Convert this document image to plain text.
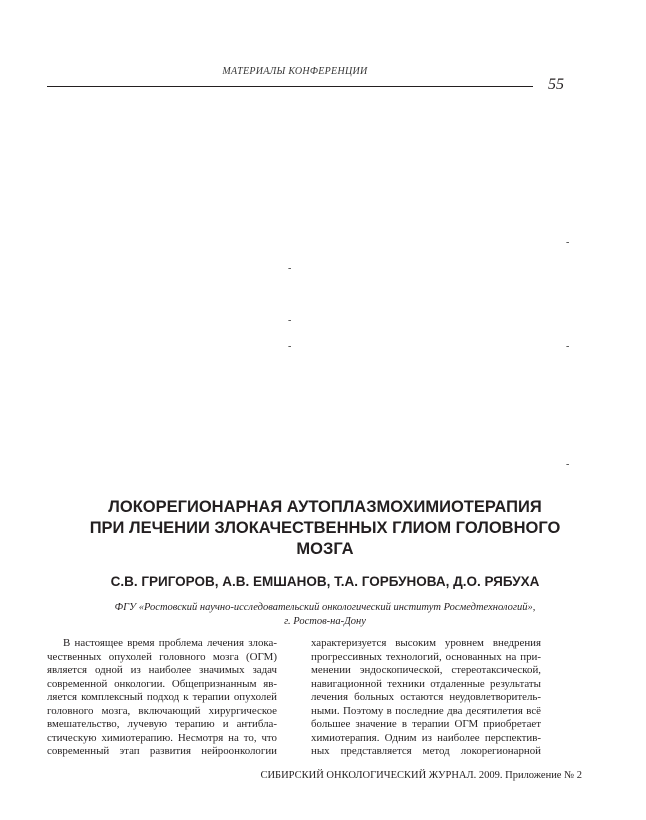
МАТЕРИАЛЫ КОНФЕРЕНЦИИ
55
-
-
-
-	-
-
ЛОКОРЕГИОНАРНАЯ АУТОПЛАЗМОХИМИОТЕРАПИЯ
ПРИ ЛЕЧЕНИИ ЗЛОКАЧЕСТВЕННЫХ ГЛИОМ ГОЛОВНОГО
МОЗГА
С.В. ГРИГОРОВ, А.В. ЕМШАНОВ, Т.А. ГОРБУНОВА, Д.О. РЯБУХА
ФГУ «Ростовский научно-исследовательский онкологический институт Росмедтехнологий»,
г. Ростов-на-Дону
В настоящее время проблема лечения злока-
чественных опухолей головного мозга (ОГМ)
является одной из наиболее значимых задач
современной онкологии. Общепризнанным яв-
ляется комплексный подход к терапии опухолей
головного мозга, включающий хирургическое
вмешательство, лучевую терапию и антибла-
стическую химиотерапию. Несмотря на то, что
современный этап развития нейроонкологии
характеризуется высоким уровнем внедрения
прогрессивных технологий, основанных на при-
менении эндоскопической, стереотаксической,
навигационной техники отдаленные результаты
лечения больных остаются неудовлетворитель-
ными. Поэтому в последние два десятилетия всё
большее значение в терапии ОГМ приобретает
химиотерапия. Одним из наиболее перспектив-
ных представляется метод локорегионарной
СИБИРСКИЙ ОНКОЛОГИЧЕСКИЙ ЖУРНАЛ. 2009. Приложение № 2
